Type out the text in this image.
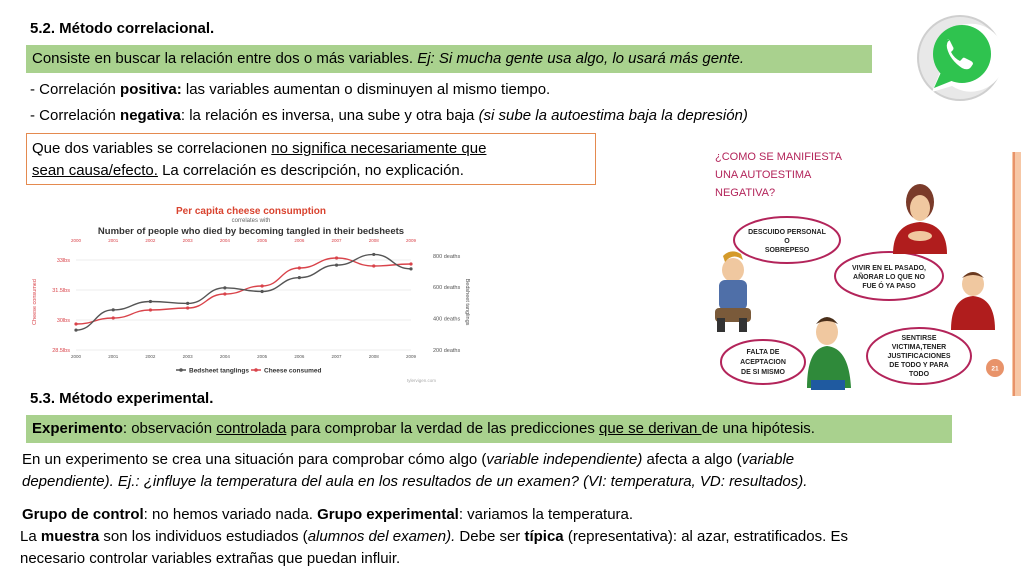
5.2. Método correlacional.
Consiste en buscar la relación entre dos o más variables. Ej: Si mucha gente usa algo, lo usará más gente.
- Correlación positiva: las variables aumentan o disminuyen al mismo tiempo.
- Correlación negativa: la relación es inversa, una sube y otra baja (si sube la autoestima baja la depresión)
Que dos variables se correlacionen no significa necesariamente que
sean causa/efecto. La correlación es descripción, no explicación.
Per capita cheese consumption
correlates with
Number of people who died by becoming tangled in their bedsheets
33lbs
31.5lbs
30lbs
28.5lbs
800 deaths
600 deaths
400 deaths
200 deaths
2000
2000
2001
2001
2002
2002
2003
2003
2004
2004
2005
2005
2006
2006
2007
2007
2008
2008
2009
2009
Cheese consumed	Bedsheet tanglings
Bedsheet tanglings Cheese consumed
tylervigen.com
¿CÓMO SE MANIFIESTA
UNA AUTOESTIMA
NEGATIVA?
DESCUIDO PERSONAL
O
SOBREPESO
VIVIR EN EL PASADO,
AÑORAR LO QUE NO
FUE Ó YA PASO
SENTIRSE
VICTIMA,TENER
JUSTIFICACIONES
DE TODO Y PARA
TODO
FALTA DE
ACEPTACION
DE SI MISMO	21
5.3. Método experimental.
Experimento: observación controlada para comprobar la verdad de las predicciones que se derivan de una hipótesis.
En un experimento se crea una situación para comprobar cómo algo (variable independiente) afecta a algo (variable
dependiente). Ej.: ¿influye la temperatura del aula en los resultados de un examen? (VI: temperatura, VD: resultados).
Grupo de control: no hemos variado nada. Grupo experimental: variamos la temperatura.
La muestra son los individuos estudiados (alumnos del examen). Debe ser típica (representativa): al azar, estratificados. Es
necesario controlar variables extrañas que puedan influir.
